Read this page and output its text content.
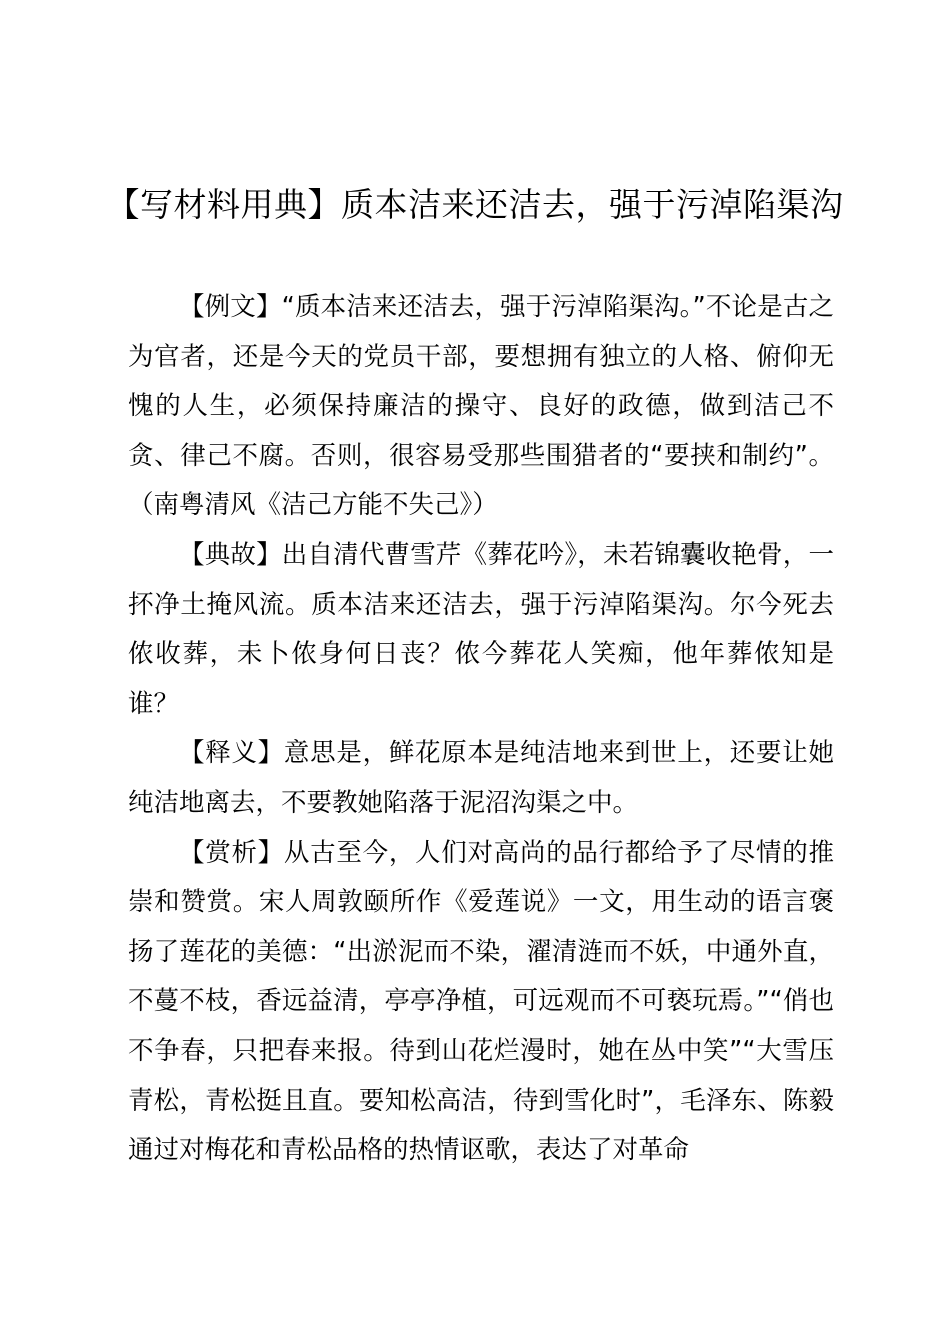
【写材料用典】质本洁来还洁去，强于污淖陷渠沟

【例文】“质本洁来还洁去，强于污淖陷渠沟。”不论是古之为官者，还是今天的党员干部，要想拥有独立的人格、俯仰无愧的人生，必须保持廉洁的操守、良好的政德，做到洁己不贪、律己不腐。否则，很容易受那些围猎者的“要挟和制约”。（南粤清风《洁己方能不失己》）

【典故】出自清代曹雪芹《葬花吟》，未若锦囊收艳骨，一抔净土掩风流。质本洁来还洁去，强于污淖陷渠沟。尔今死去侬收葬，未卜侬身何日丧？侬今葬花人笑痴，他年葬侬知是谁？

【释义】意思是，鲜花原本是纯洁地来到世上，还要让她纯洁地离去，不要教她陷落于泥沼沟渠之中。

【赏析】从古至今，人们对高尚的品行都给予了尽情的推崇和赞赏。宋人周敦颐所作《爱莲说》一文，用生动的语言褒扬了莲花的美德：“出淤泥而不染，濯清涟而不妖，中通外直，不蔓不枝，香远益清，亭亭净植，可远观而不可亵玩焉。”“俏也不争春，只把春来报。待到山花烂漫时，她在丛中笑”“大雪压青松，青松挺且直。要知松高洁，待到雪化时”，毛泽东、陈毅通过对梅花和青松品格的热情讴歌，表达了对革命
